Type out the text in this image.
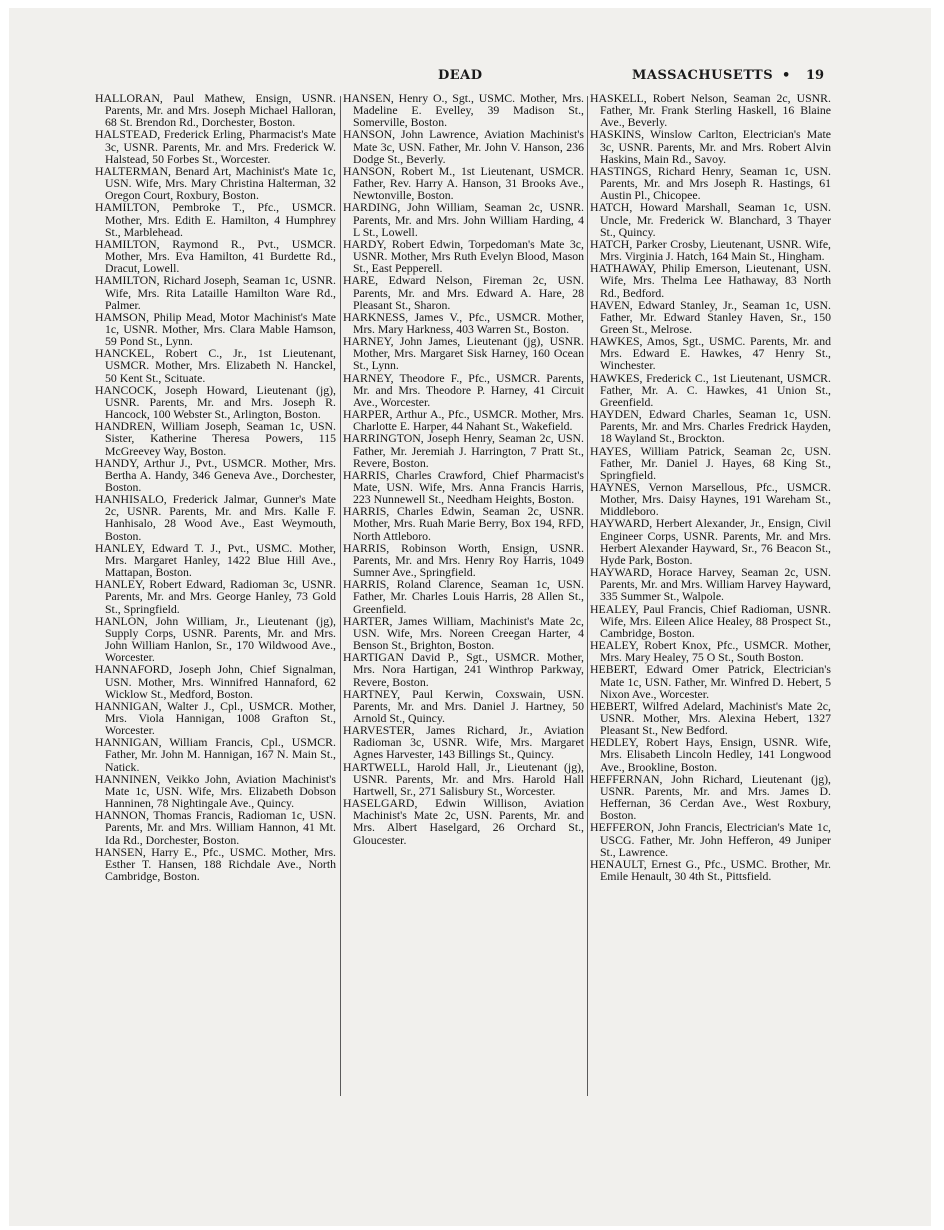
DEAD	MASSACHUSETTS • 19

HALLORAN, Paul Mathew, Ensign, USNR. Parents, Mr. and Mrs. Joseph Michael Halloran, 68 St. Brendon Rd., Dorchester, Boston.

HALSTEAD, Frederick Erling, Pharmacist's Mate 3c, USNR. Parents, Mr. and Mrs. Frederick W. Halstead, 50 Forbes St., Worcester.

HALTERMAN, Benard Art, Machinist's Mate 1c, USN. Wife, Mrs. Mary Christina Halterman, 32 Oregon Court, Roxbury, Boston.

HAMILTON, Pembroke T., Pfc., USMCR. Mother, Mrs. Edith E. Hamilton, 4 Humphrey St., Marblehead.

HAMILTON, Raymond R., Pvt., USMCR. Mother, Mrs. Eva Hamilton, 41 Burdette Rd., Dracut, Lowell.

HAMILTON, Richard Joseph, Seaman 1c, USNR. Wife, Mrs. Rita Lataille Hamilton Ware Rd., Palmer.

HAMSON, Philip Mead, Motor Machinist's Mate 1c, USNR. Mother, Mrs. Clara Mable Hamson, 59 Pond St., Lynn.

HANCKEL, Robert C., Jr., 1st Lieutenant, USMCR. Mother, Mrs. Elizabeth N. Hanckel, 50 Kent St., Scituate.

HANCOCK, Joseph Howard, Lieutenant (jg), USNR. Parents, Mr. and Mrs. Joseph R. Hancock, 100 Webster St., Arlington, Boston.

HANDREN, William Joseph, Seaman 1c, USN. Sister, Katherine Theresa Powers, 115 McGreevey Way, Boston.

HANDY, Arthur J., Pvt., USMCR. Mother, Mrs. Bertha A. Handy, 346 Geneva Ave., Dorchester, Boston.

HANHISALO, Frederick Jalmar, Gunner's Mate 2c, USNR. Parents, Mr. and Mrs. Kalle F. Hanhisalo, 28 Wood Ave., East Weymouth, Boston.

HANLEY, Edward T. J., Pvt., USMC. Mother, Mrs. Margaret Hanley, 1422 Blue Hill Ave., Mattapan, Boston.

HANLEY, Robert Edward, Radioman 3c, USNR. Parents, Mr. and Mrs. George Hanley, 73 Gold St., Springfield.

HANLON, John William, Jr., Lieutenant (jg), Supply Corps, USNR. Parents, Mr. and Mrs. John William Hanlon, Sr., 170 Wildwood Ave., Worcester.

HANNAFORD, Joseph John, Chief Signalman, USN. Mother, Mrs. Winnifred Hannaford, 62 Wicklow St., Medford, Boston.

HANNIGAN, Walter J., Cpl., USMCR. Mother, Mrs. Viola Hannigan, 1008 Grafton St., Worcester.

HANNIGAN, William Francis, Cpl., USMCR. Father, Mr. John M. Hannigan, 167 N. Main St., Natick.

HANNINEN, Veikko John, Aviation Machinist's Mate 1c, USN. Wife, Mrs. Elizabeth Dobson Hanninen, 78 Nightingale Ave., Quincy.

HANNON, Thomas Francis, Radioman 1c, USN. Parents, Mr. and Mrs. William Hannon, 41 Mt. Ida Rd., Dorchester, Boston.

HANSEN, Harry E., Pfc., USMC. Mother, Mrs. Esther T. Hansen, 188 Richdale Ave., North Cambridge, Boston.

HANSEN, Henry O., Sgt., USMC. Mother, Mrs. Madeline E. Evelley, 39 Madison St., Somerville, Boston.

HANSON, John Lawrence, Aviation Machinist's Mate 3c, USN. Father, Mr. John V. Hanson, 236 Dodge St., Beverly.

HANSON, Robert M., 1st Lieutenant, USMCR. Father, Rev. Harry A. Hanson, 31 Brooks Ave., Newtonville, Boston.

HARDING, John William, Seaman 2c, USNR. Parents, Mr. and Mrs. John William Harding, 4 L St., Lowell.

HARDY, Robert Edwin, Torpedoman's Mate 3c, USNR. Mother, Mrs Ruth Evelyn Blood, Mason St., East Pepperell.

HARE, Edward Nelson, Fireman 2c, USN. Parents, Mr. and Mrs. Edward A. Hare, 28 Pleasant St., Sharon.

HARKNESS, James V., Pfc., USMCR. Mother, Mrs. Mary Harkness, 403 Warren St., Boston.

HARNEY, John James, Lieutenant (jg), USNR. Mother, Mrs. Margaret Sisk Harney, 160 Ocean St., Lynn.

HARNEY, Theodore F., Pfc., USMCR. Parents, Mr. and Mrs. Theodore P. Harney, 41 Circuit Ave., Worcester.

HARPER, Arthur A., Pfc., USMCR. Mother, Mrs. Charlotte E. Harper, 44 Nahant St., Wakefield.

HARRINGTON, Joseph Henry, Seaman 2c, USN. Father, Mr. Jeremiah J. Harrington, 7 Pratt St., Revere, Boston.

HARRIS, Charles Crawford, Chief Pharmacist's Mate, USN. Wife, Mrs. Anna Francis Harris, 223 Nunnewell St., Needham Heights, Boston.

HARRIS, Charles Edwin, Seaman 2c, USNR. Mother, Mrs. Ruah Marie Berry, Box 194, RFD, North Attleboro.

HARRIS, Robinson Worth, Ensign, USNR. Parents, Mr. and Mrs. Henry Roy Harris, 1049 Sumner Ave., Springfield.

HARRIS, Roland Clarence, Seaman 1c, USN. Father, Mr. Charles Louis Harris, 28 Allen St., Greenfield.

HARTER, James William, Machinist's Mate 2c, USN. Wife, Mrs. Noreen Creegan Harter, 4 Benson St., Brighton, Boston.

HARTIGAN David P., Sgt., USMCR. Mother, Mrs. Nora Hartigan, 241 Winthrop Parkway, Revere, Boston.

HARTNEY, Paul Kerwin, Coxswain, USN. Parents, Mr. and Mrs. Daniel J. Hartney, 50 Arnold St., Quincy.

HARVESTER, James Richard, Jr., Aviation Radioman 3c, USNR. Wife, Mrs. Margaret Agnes Harvester, 143 Billings St., Quincy.

HARTWELL, Harold Hall, Jr., Lieutenant (jg), USNR. Parents, Mr. and Mrs. Harold Hall Hartwell, Sr., 271 Salisbury St., Worcester.

HASELGARD, Edwin Willison, Aviation Machinist's Mate 2c, USN. Parents, Mr. and Mrs. Albert Haselgard, 26 Orchard St., Gloucester.

HASKELL, Robert Nelson, Seaman 2c, USNR. Father, Mr. Frank Sterling Haskell, 16 Blaine Ave., Beverly.

HASKINS, Winslow Carlton, Electrician's Mate 3c, USNR. Parents, Mr. and Mrs. Robert Alvin Haskins, Main Rd., Savoy.

HASTINGS, Richard Henry, Seaman 1c, USN. Parents, Mr. and Mrs Joseph R. Hastings, 61 Austin Pl., Chicopee.

HATCH, Howard Marshall, Seaman 1c, USN. Uncle, Mr. Frederick W. Blanchard, 3 Thayer St., Quincy.

HATCH, Parker Crosby, Lieutenant, USNR. Wife, Mrs. Virginia J. Hatch, 164 Main St., Hingham.

HATHAWAY, Philip Emerson, Lieutenant, USN. Wife, Mrs. Thelma Lee Hathaway, 83 North Rd., Bedford.

HAVEN, Edward Stanley, Jr., Seaman 1c, USN. Father, Mr. Edward Stanley Haven, Sr., 150 Green St., Melrose.

HAWKES, Amos, Sgt., USMC. Parents, Mr. and Mrs. Edward E. Hawkes, 47 Henry St., Winchester.

HAWKES, Frederick C., 1st Lieutenant, USMCR. Father, Mr. A. C. Hawkes, 41 Union St., Greenfield.

HAYDEN, Edward Charles, Seaman 1c, USN. Parents, Mr. and Mrs. Charles Fredrick Hayden, 18 Wayland St., Brockton.

HAYES, William Patrick, Seaman 2c, USN. Father, Mr. Daniel J. Hayes, 68 King St., Springfield.

HAYNES, Vernon Marsellous, Pfc., USMCR. Mother, Mrs. Daisy Haynes, 191 Wareham St., Middleboro.

HAYWARD, Herbert Alexander, Jr., Ensign, Civil Engineer Corps, USNR. Parents, Mr. and Mrs. Herbert Alexander Hayward, Sr., 76 Beacon St., Hyde Park, Boston.

HAYWARD, Horace Harvey, Seaman 2c, USN. Parents, Mr. and Mrs. William Harvey Hayward, 335 Summer St., Walpole.

HEALEY, Paul Francis, Chief Radioman, USNR. Wife, Mrs. Eileen Alice Healey, 88 Prospect St., Cambridge, Boston.

HEALEY, Robert Knox, Pfc., USMCR. Mother, Mrs. Mary Healey, 75 O St., South Boston.

HEBERT, Edward Omer Patrick, Electrician's Mate 1c, USN. Father, Mr. Winfred D. Hebert, 5 Nixon Ave., Worcester.

HEBERT, Wilfred Adelard, Machinist's Mate 2c, USNR. Mother, Mrs. Alexina Hebert, 1327 Pleasant St., New Bedford.

HEDLEY, Robert Hays, Ensign, USNR. Wife, Mrs. Elisabeth Lincoln Hedley, 141 Longwood Ave., Brookline, Boston.

HEFFERNAN, John Richard, Lieutenant (jg), USNR. Parents, Mr. and Mrs. James D. Heffernan, 36 Cerdan Ave., West Roxbury, Boston.

HEFFERON, John Francis, Electrician's Mate 1c, USCG. Father, Mr. John Hefferon, 49 Juniper St., Lawrence.

HENAULT, Ernest G., Pfc., USMC. Brother, Mr. Emile Henault, 30 4th St., Pittsfield.
